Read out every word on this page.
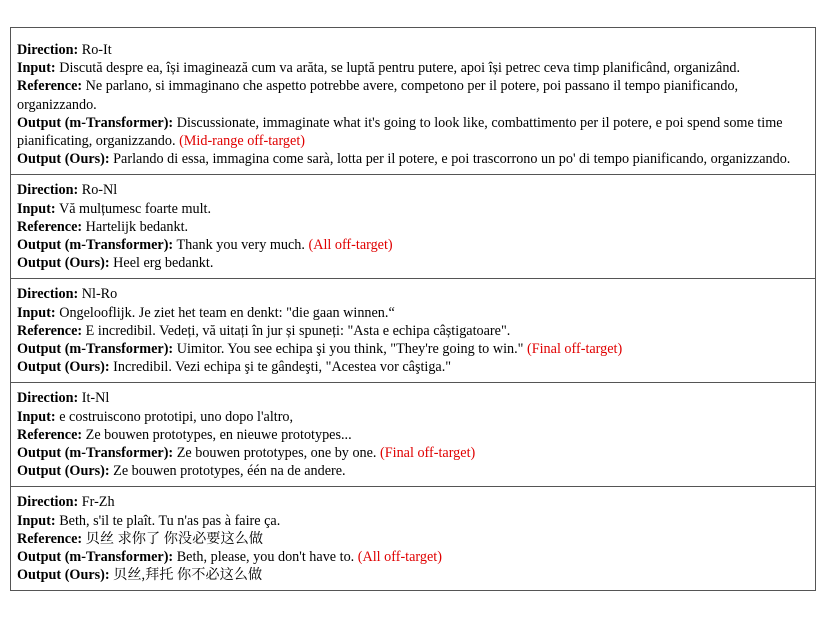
Direction: Ro-It

Input: Discută despre ea, își imaginează cum va arăta, se luptă pentru putere, apoi își petrec ceva timp planificând, organizând.

Reference: Ne parlano, si immaginano che aspetto potrebbe avere, competono per il potere, poi passano il tempo pianificando, organizzando.

Output (m-Transformer): Discussionate, immaginate what it's going to look like, combattimento per il potere, e poi spend some time pianificating, organizzando. (Mid-range off-target)

Output (Ours): Parlando di essa, immagina come sarà, lotta per il potere, e poi trascorrono un po' di tempo pianificando, organizzando.

Direction: Ro-Nl

Input: Vă mulțumesc foarte mult.

Reference: Hartelijk bedankt.

Output (m-Transformer): Thank you very much. (All off-target)

Output (Ours): Heel erg bedankt.

Direction: Nl-Ro

Input: Ongelooflijk. Je ziet het team en denkt: "die gaan winnen.“

Reference: E incredibil. Vedeți, vă uitați în jur și spuneți: "Asta e echipa câștigatoare".

Output (m-Transformer): Uimitor. You see echipa şi you think, "They're going to win." (Final off-target)

Output (Ours): Incredibil. Vezi echipa şi te gândeşti, "Acestea vor câştiga."

Direction: It-Nl

Input: e costruiscono prototipi, uno dopo l'altro,

Reference: Ze bouwen prototypes, en nieuwe prototypes...

Output (m-Transformer): Ze bouwen prototypes, one by one. (Final off-target)

Output (Ours): Ze bouwen prototypes, één na de andere.

Direction: Fr-Zh

Input: Beth, s'il te plaît. Tu n'as pas à faire ça.

Reference: 贝丝 求你了 你没必要这么做

Output (m-Transformer): Beth, please, you don't have to. (All off-target)

Output (Ours): 贝丝,拜托 你不必这么做
